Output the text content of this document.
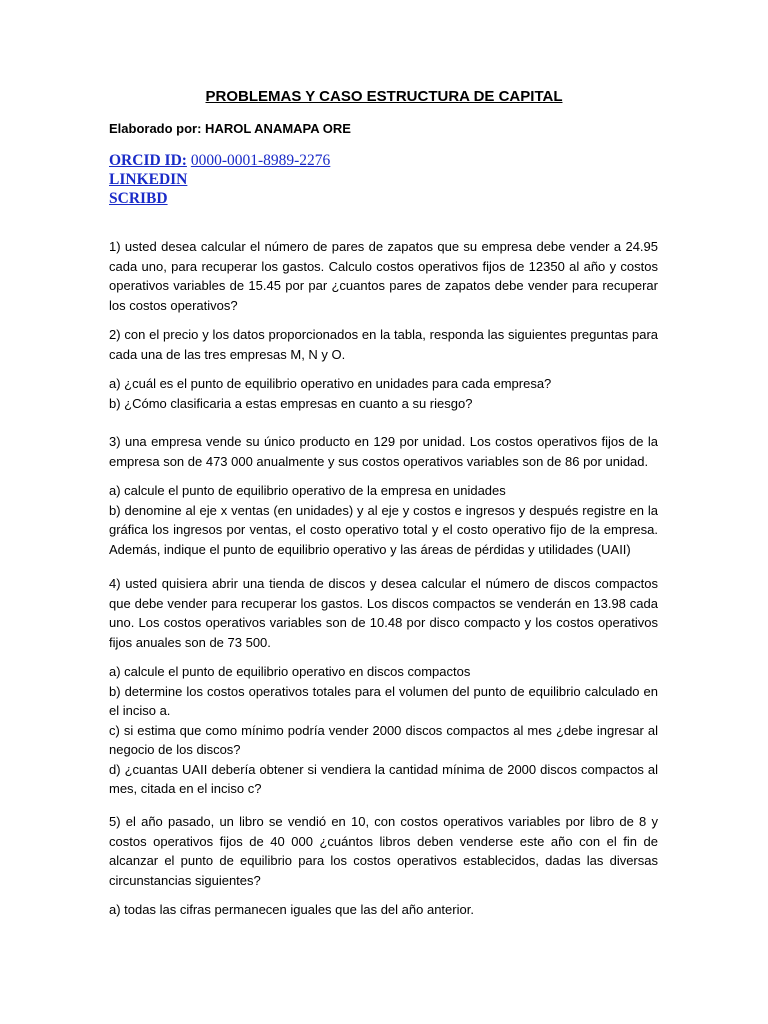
PROBLEMAS Y CASO ESTRUCTURA DE CAPITAL
Elaborado por: HAROL ANAMAPA ORE
ORCID ID: 0000-0001-8989-2276
LINKEDIN
SCRIBD

1) usted desea calcular el número de pares de zapatos que su empresa debe vender a 24.95 cada uno, para recuperar los gastos. Calculo costos operativos fijos de 12350 al año y costos operativos variables de 15.45 por par ¿cuantos pares de zapatos debe vender para recuperar los costos operativos?

2) con el precio y los datos proporcionados en la tabla, responda las siguientes preguntas para cada una de las tres empresas M, N y O.

a) ¿cuál es el punto de equilibrio operativo en unidades para cada empresa?

b) ¿Cómo clasificaria a estas empresas en cuanto a su riesgo?

3) una empresa vende su único producto en 129 por unidad. Los costos operativos fijos de la empresa son de 473 000 anualmente y sus costos operativos variables son de 86 por unidad.

a) calcule el punto de equilibrio operativo de la empresa en unidades

b) denomine al eje x ventas (en unidades) y al eje y costos e ingresos y después registre en la gráfica los ingresos por ventas, el costo operativo total y el costo operativo fijo de la empresa. Además, indique el punto de equilibrio operativo y las áreas de pérdidas y utilidades (UAII)

4) usted quisiera abrir una tienda de discos y desea calcular el número de discos compactos que debe vender para recuperar los gastos. Los discos compactos se venderán en 13.98 cada uno. Los costos operativos variables son de 10.48 por disco compacto y los costos operativos fijos anuales son de 73 500.

a) calcule el punto de equilibrio operativo en discos compactos

b) determine los costos operativos totales para el volumen del punto de equilibrio calculado en el inciso a.

c) si estima que como mínimo podría vender 2000 discos compactos al mes ¿debe ingresar al negocio de los discos?

d) ¿cuantas UAII debería obtener si vendiera la cantidad mínima de 2000 discos compactos al mes, citada en el inciso c?

5) el año pasado, un libro se vendió en 10, con costos operativos variables por libro de 8 y costos operativos fijos de 40 000 ¿cuántos libros deben venderse este año con el fin de alcanzar el punto de equilibrio para los costos operativos establecidos, dadas las diversas circunstancias siguientes?

a) todas las cifras permanecen iguales que las del año anterior.
